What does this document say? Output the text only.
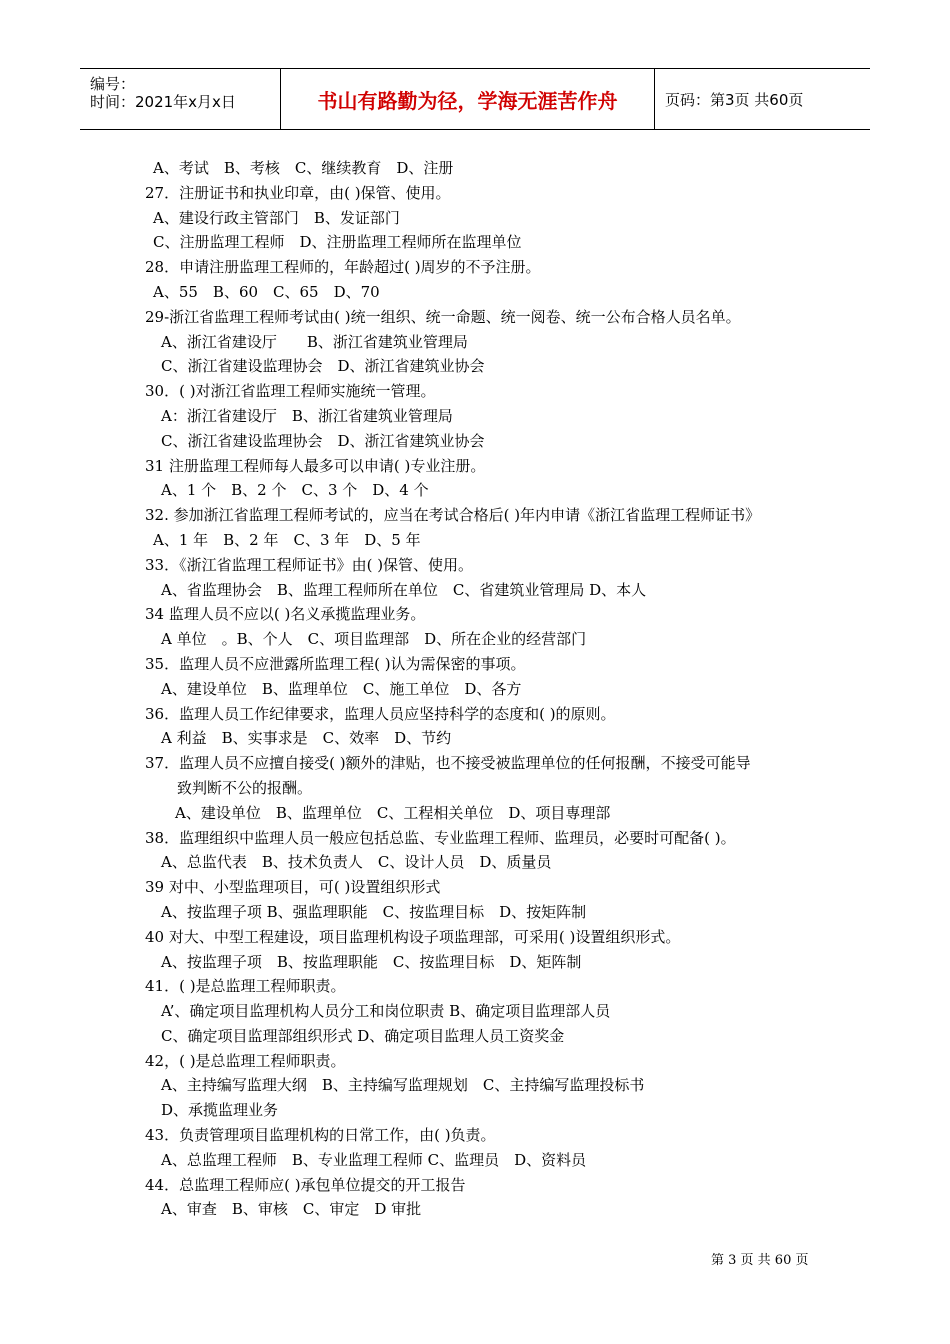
编号：
时间：2021年x月x日	书山有路勤为径，学海无涯苦作舟	页码：第3页 共60页
A、考试　B、考核　C、继续教育　D、注册
27．注册证书和执业印章，由( )保管、使用。
A、建设行政主管部门　B、发证部门
C、注册监理工程师　D、注册监理工程师所在监理单位
28．申请注册监理工程师的，年龄超过( )周岁的不予注册。
A、55　B、60　C、65　D、70
29-浙江省监理工程师考试由( )统一组织、统一命题、统一阅卷、统一公布合格人员名单。
A、浙江省建设厅　　B、浙江省建筑业管理局
C、浙江省建设监理协会　D、浙江省建筑业协会
30．( )对浙江省监理工程师实施统一管理。
A：浙江省建设厅　B、浙江省建筑业管理局
C、浙江省建设监理协会　D、浙江省建筑业协会
31 注册监理工程师每人最多可以申请( )专业注册。
A、1 个　B、2 个　C、3 个　D、4 个
32. 参加浙江省监理工程师考试的，应当在考试合格后( )年内申请《浙江省监理工程师证书》
A、1 年　B、2 年　C、3 年　D、5 年
33．《浙江省监理工程师证书》由( )保管、使用。
A、省监理协会　B、监理工程师所在单位　C、省建筑业管理局 D、本人
34 监理人员不应以( )名义承揽监理业务。
A 单位　。B、个人　C、项目监理部　D、所在企业的经营部门
35．监理人员不应泄露所监理工程( )认为需保密的事项。
A、建设单位　B、监理单位　C、施工单位　D、各方
36．监理人员工作纪律要求，监理人员应坚持科学的态度和( )的原则。
A 利益　B、实事求是　C、效率　D、节约
37．监理人员不应擅自接受( )额外的津贴，也不接受被监理单位的任何报酬，不接受可能导
致判断不公的报酬。
A、建设单位　B、监理单位　C、工程相关单位　D、项目専理部
38．监理组织中监理人员一般应包括总监、专业监理工程师、监理员，必要时可配备( )。
A、总监代表　B、技术负责人　C、设计人员　D、质量员
39 对中、小型监理项目，可( )设置组织形式
A、按监理子项 B、强监理职能　C、按监理目标　D、按矩阵制
40 对大、中型工程建设，项目监理机构设子项监理部，可采用( )设置组织形式。
A、按监理子项　B、按监理职能　C、按监理目标　D、矩阵制
41．( )是总监理工程师职责。
A’、确定项目监理机构人员分工和岗位职责 B、确定项目监理部人员
C、确定项目监理部组织形式 D、确定项目监理人员工资奖金
42，( )是总监理工程师职责。
A、主持编写监理大纲　B、主持编写监理规划　C、主持编写监理投标书
D、承揽监理业务
43．负责管理项目监理机构的日常工作，由( )负责。
A、总监理工程师　B、专业监理工程师 C、监理员　D、资料员
44．总监理工程师应( )承包单位提交的开工报告
A、审查　B、审核　C、审定　D 审批
第 3 页 共 60 页
